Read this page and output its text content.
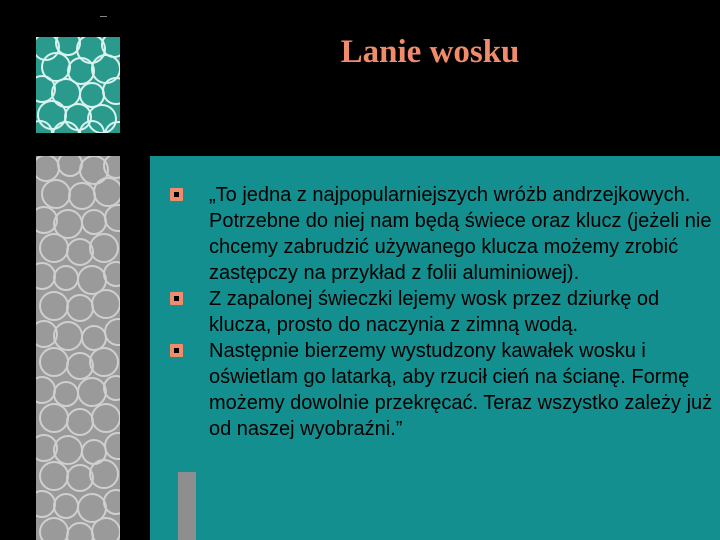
Lanie wosku
„To jedna z najpopularniejszych wróżb andrzejkowych. Potrzebne do niej nam będą świece oraz klucz (jeżeli nie chcemy zabrudzić używanego klucza możemy zrobić zastępczy na przykład z folii aluminiowej).
Z zapalonej świeczki lejemy wosk przez dziurkę od klucza, prosto do naczynia z zimną wodą.
Następnie bierzemy wystudzony kawałek wosku i oświetlam go latarką, aby rzucił cień na ścianę. Formę możemy dowolnie przekręcać. Teraz wszystko zależy już od naszej wyobraźni.”
